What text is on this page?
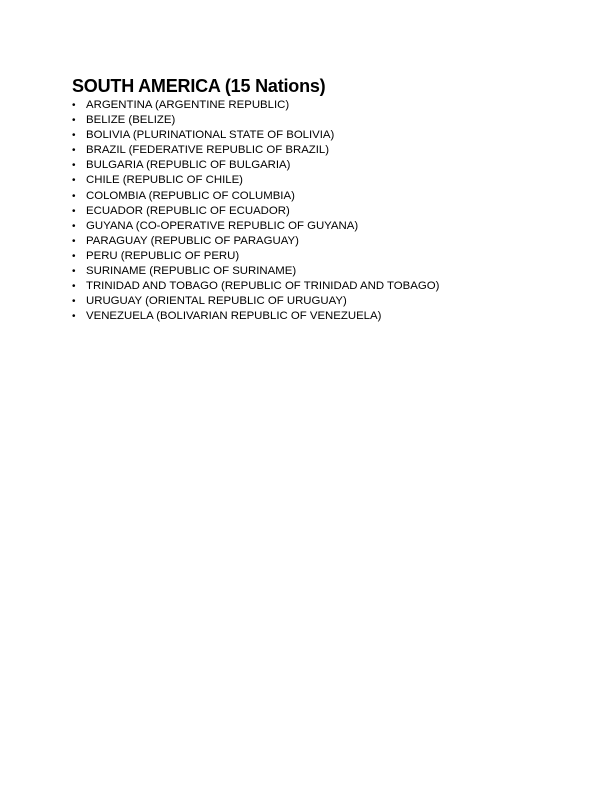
SOUTH AMERICA (15 Nations)
• ARGENTINA (ARGENTINE REPUBLIC)
• BELIZE (BELIZE)
• BOLIVIA (PLURINATIONAL STATE OF BOLIVIA)
• BRAZIL (FEDERATIVE REPUBLIC OF BRAZIL)
• BULGARIA (REPUBLIC OF BULGARIA)
• CHILE (REPUBLIC OF CHILE)
• COLOMBIA (REPUBLIC OF COLUMBIA)
• ECUADOR (REPUBLIC OF ECUADOR)
• GUYANA (CO-OPERATIVE REPUBLIC OF GUYANA)
• PARAGUAY (REPUBLIC OF PARAGUAY)
• PERU (REPUBLIC OF PERU)
• SURINAME (REPUBLIC OF SURINAME)
• TRINIDAD AND TOBAGO (REPUBLIC OF TRINIDAD AND TOBAGO)
• URUGUAY (ORIENTAL REPUBLIC OF URUGUAY)
• VENEZUELA (BOLIVARIAN REPUBLIC OF VENEZUELA)
